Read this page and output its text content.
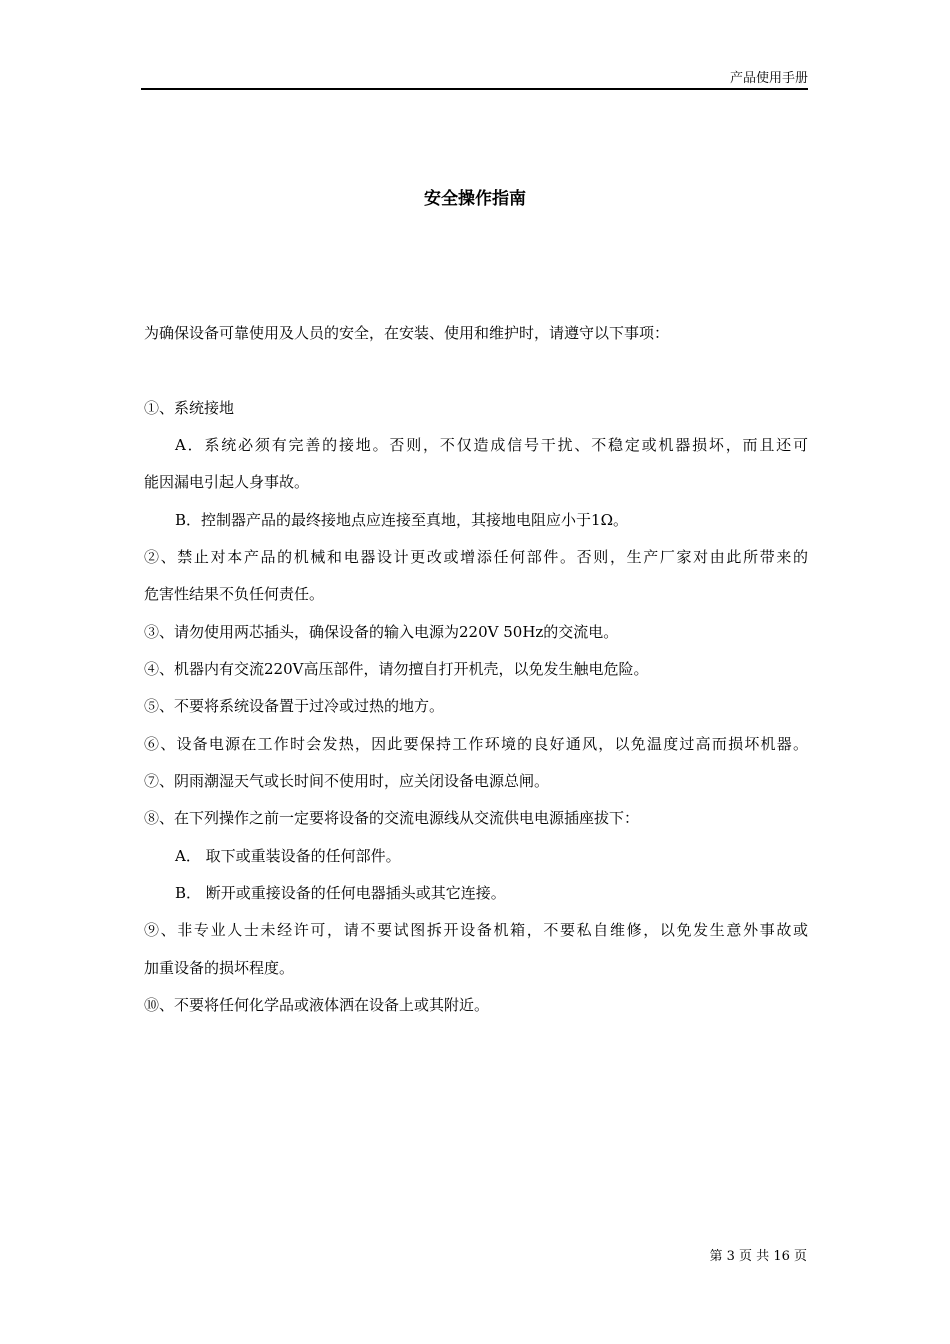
产品使用手册
安全操作指南
为确保设备可靠使用及人员的安全，在安装、使用和维护时，请遵守以下事项：
①、系统接地
A．系统必须有完善的接地。否则，不仅造成信号干扰、不稳定或机器损坏，而且还可
能因漏电引起人身事故。
B．控制器产品的最终接地点应连接至真地，其接地电阻应小于1Ω。
②、禁止对本产品的机械和电器设计更改或增添任何部件。否则，生产厂家对由此所带来的
危害性结果不负任何责任。
③、请勿使用两芯插头，确保设备的输入电源为220V 50Hz的交流电。
④、机器内有交流220V高压部件，请勿擅自打开机壳，以免发生触电危险。
⑤、不要将系统设备置于过冷或过热的地方。
⑥、设备电源在工作时会发热，因此要保持工作环境的良好通风，以免温度过高而损坏机器。
⑦、阴雨潮湿天气或长时间不使用时，应关闭设备电源总闸。
⑧、在下列操作之前一定要将设备的交流电源线从交流供电电源插座拔下：
A． 取下或重装设备的任何部件。
B． 断开或重接设备的任何电器插头或其它连接。
⑨、非专业人士未经许可，请不要试图拆开设备机箱，不要私自维修，以免发生意外事故或
加重设备的损坏程度。
⑩、不要将任何化学品或液体洒在设备上或其附近。
第 3 页 共 16 页
